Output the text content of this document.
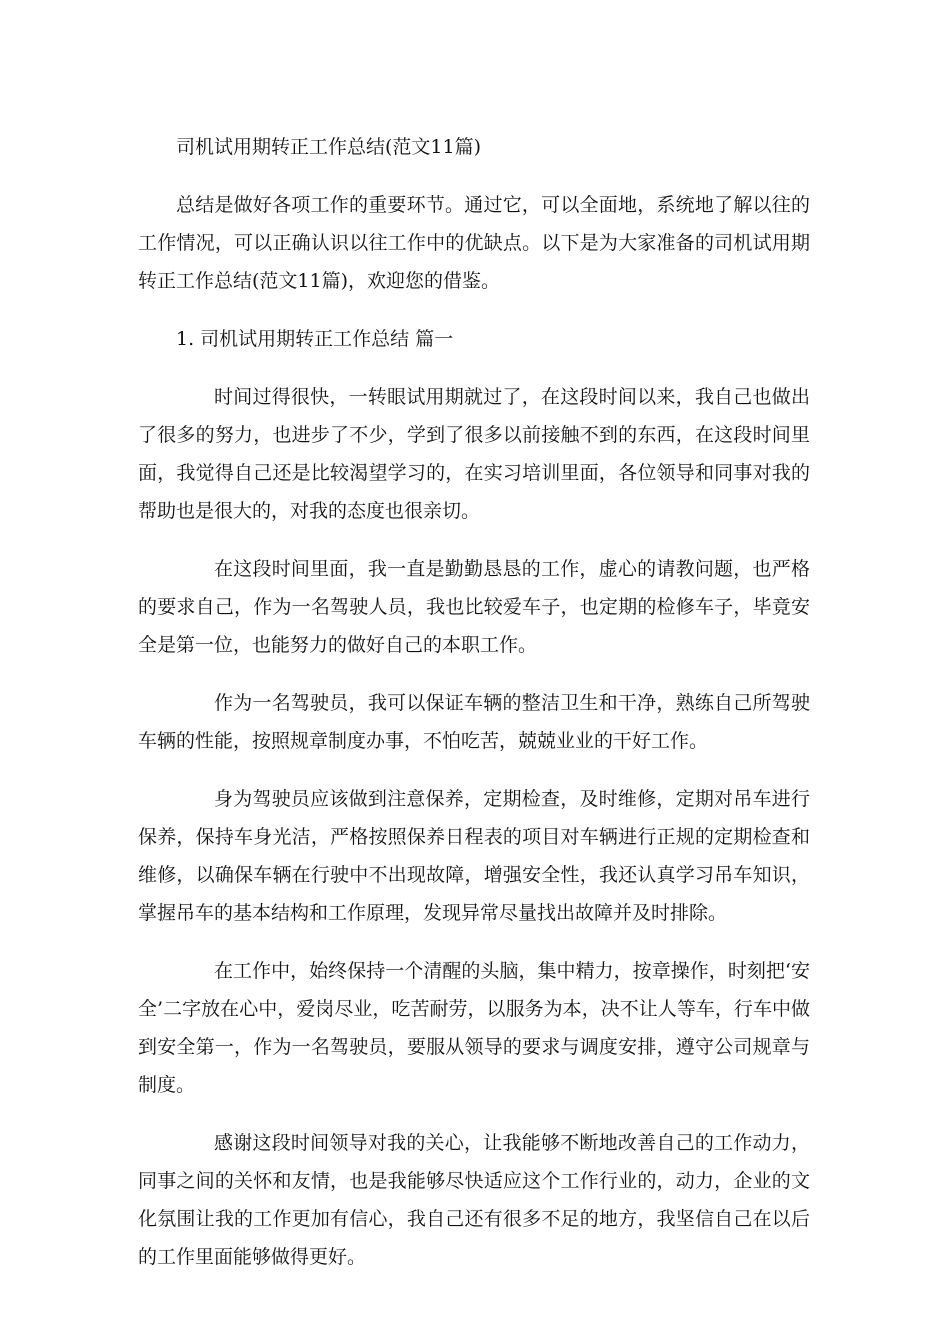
司机试用期转正工作总结(范文11篇)

总结是做好各项工作的重要环节。通过它，可以全面地，系统地了解以往的工作情况，可以正确认识以往工作中的优缺点。以下是为大家准备的司机试用期转正工作总结(范文11篇)，欢迎您的借鉴。

1. 司机试用期转正工作总结 篇一

时间过得很快，一转眼试用期就过了，在这段时间以来，我自己也做出了很多的努力，也进步了不少，学到了很多以前接触不到的东西，在这段时间里面，我觉得自己还是比较渴望学习的，在实习培训里面，各位领导和同事对我的帮助也是很大的，对我的态度也很亲切。

在这段时间里面，我一直是勤勤恳恳的工作，虚心的请教问题，也严格的要求自己，作为一名驾驶人员，我也比较爱车子，也定期的检修车子，毕竟安全是第一位，也能努力的做好自己的本职工作。

作为一名驾驶员，我可以保证车辆的整洁卫生和干净，熟练自己所驾驶车辆的性能，按照规章制度办事，不怕吃苦，兢兢业业的干好工作。

身为驾驶员应该做到注意保养，定期检查，及时维修，定期对吊车进行保养，保持车身光洁，严格按照保养日程表的项目对车辆进行正规的定期检查和维修，以确保车辆在行驶中不出现故障，增强安全性，我还认真学习吊车知识，掌握吊车的基本结构和工作原理，发现异常尽量找出故障并及时排除。

在工作中，始终保持一个清醒的头脑，集中精力，按章操作，时刻把‘安全’二字放在心中，爱岗尽业，吃苦耐劳，以服务为本，决不让人等车，行车中做到安全第一，作为一名驾驶员，要服从领导的要求与调度安排，遵守公司规章与制度。

感谢这段时间领导对我的关心，让我能够不断地改善自己的工作动力，同事之间的关怀和友情，也是我能够尽快适应这个工作行业的，动力，企业的文化氛围让我的工作更加有信心，我自己还有很多不足的地方，我坚信自己在以后的工作里面能够做得更好。
